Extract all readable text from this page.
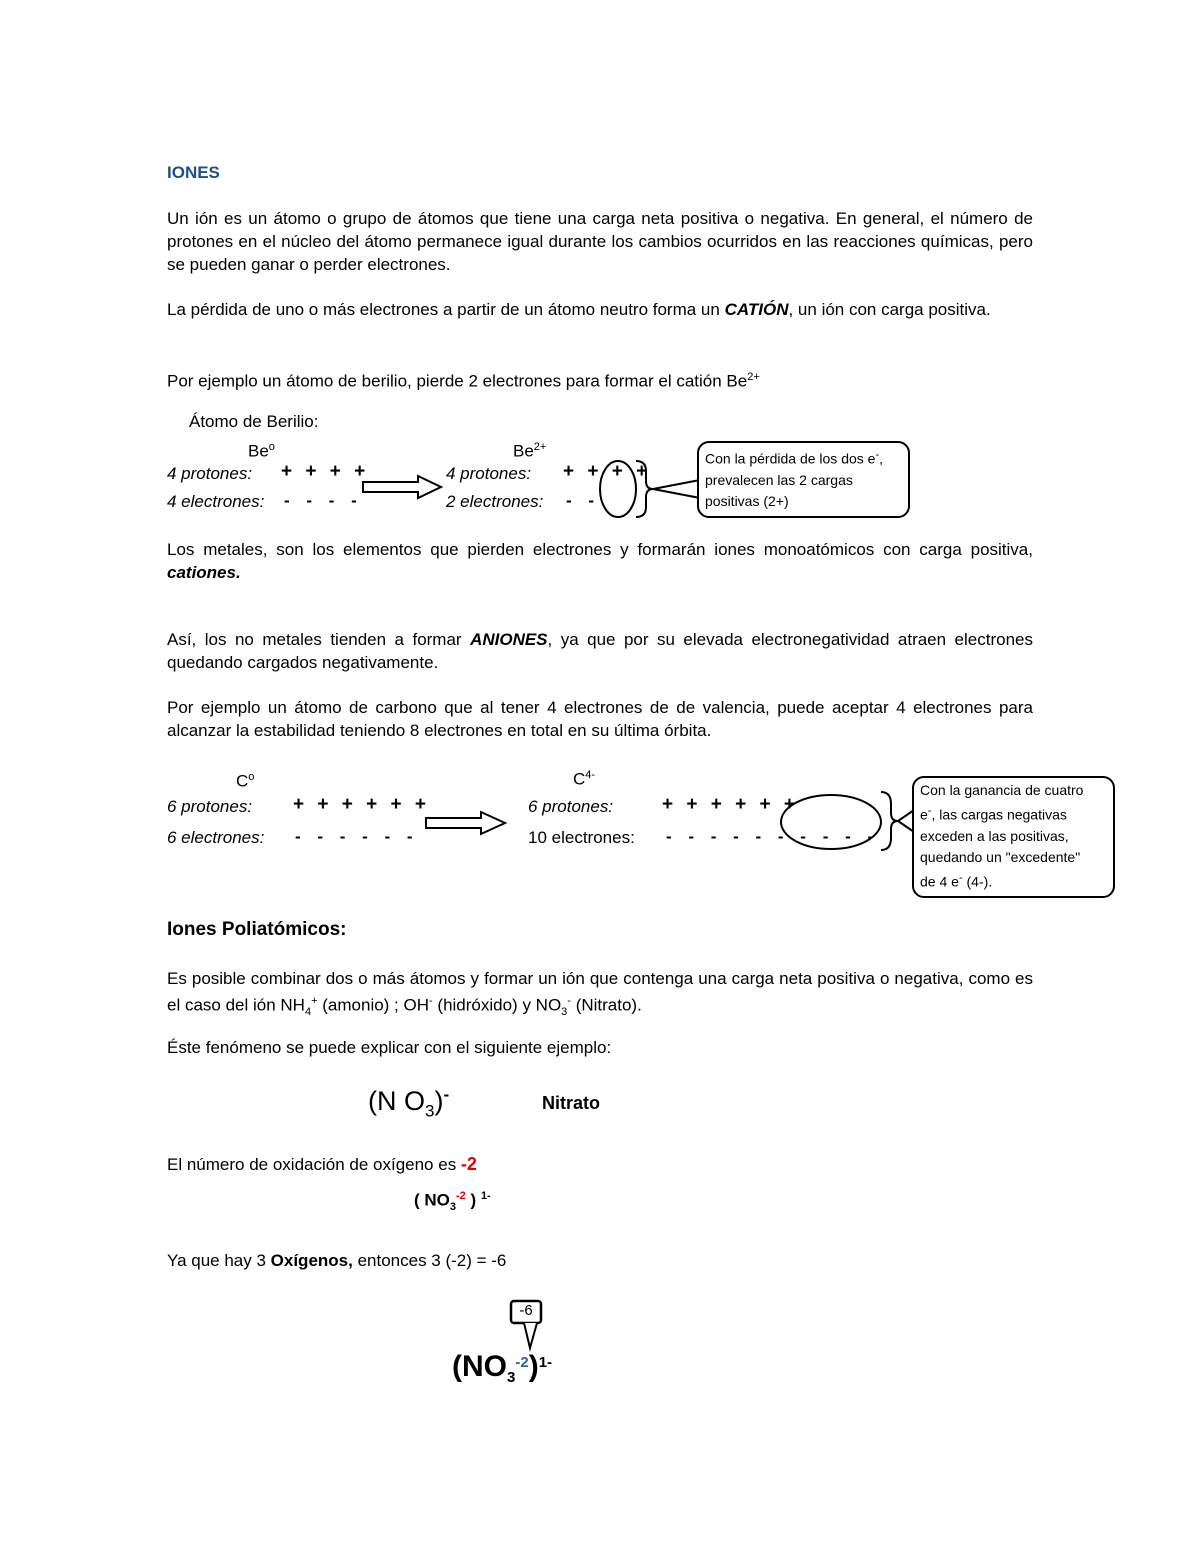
IONES
Un ión es un átomo o grupo de átomos que tiene una carga neta positiva o negativa. En general, el número de protones en el núcleo del átomo permanece igual durante los cambios ocurridos en las reacciones químicas, pero se pueden ganar o perder electrones.
La pérdida de uno o más electrones a partir de un átomo neutro forma un CATIÓN, un ión con carga positiva.
Por ejemplo un átomo de berilio, pierde 2 electrones para formar el catión $Be^{2+}$
Átomo de Berilio:
Be$^o$	$Be^{2+}$
4 protones: + + + +
4 electrones: - - - -
4 protones: + + + +
2 electrones: - -
Con la pérdida de los dos e-,
prevalecen las 2 cargas
positivas (2+)
Los metales, son los elementos que pierden electrones y formarán iones monoatómicos con carga positiva, cationes.
Así, los no metales tienden a formar ANIONES, ya que por su elevada electronegatividad atraen electrones quedando cargados negativamente.
Por ejemplo un átomo de carbono que al tener 4 electrones de de valencia, puede aceptar 4 electrones para alcanzar la estabilidad teniendo 8 electrones en total en su última órbita.
$C^o$	$C^{4-}$
6 protones: + + + + + +
6 electrones: - - - - - -
6 protones:	+ + + + + +
10 electrones: - - - - - - - - - -
Con la ganancia de cuatro
e-, las cargas negativas
exceden a las positivas,
quedando un "excedente"
de 4 e- (4-).
Iones Poliatómicos:
Es posible combinar dos o más átomos y formar un ión que contenga una carga neta positiva o negativa, como es el caso del ión $NH_4^+$ (amonio) ; OH- (hidróxido) y $NO_3^-$ (Nitrato).
Éste fenómeno se puede explicar con el siguiente ejemplo:
(N $O_3)^-$	Nitrato
El número de oxidación de oxígeno es -2
( $NO_3^{-2}$ ) $^{1-}$
Ya que hay 3 Oxígenos, entonces 3 (-2) = -6
-6
$(NO_3^{-2})^{1-}$
